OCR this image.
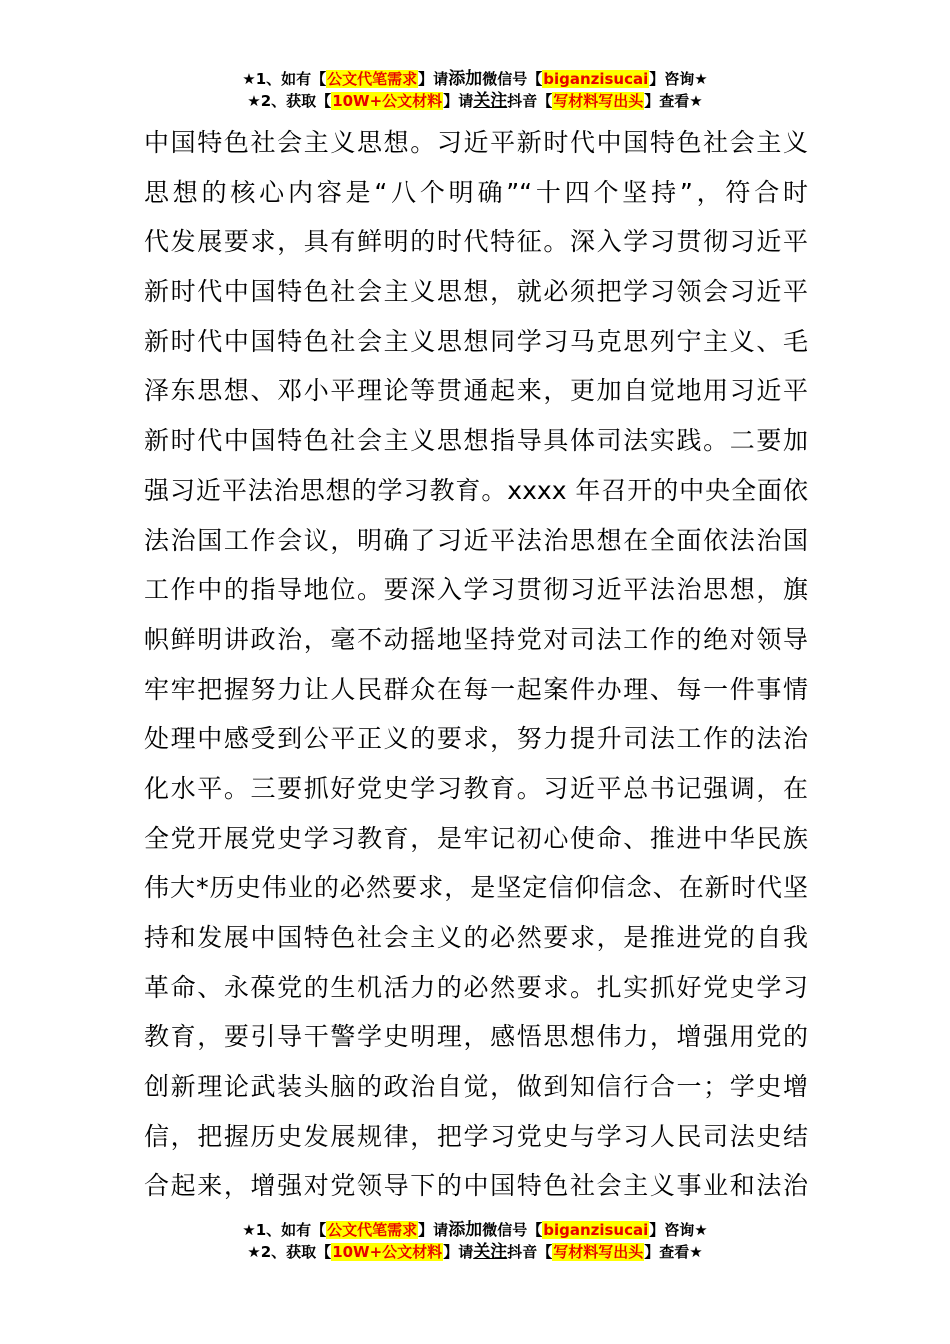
★1、如有【公文代笔需求】请添加微信号【biganzisucai】咨询★
★2、获取【10W+公文材料】请关注抖音【写材料写出头】查看★
中国特色社会主义思想。习近平新时代中国特色社会主义
思想的核心内容是“八个明确”“十四个坚持”，符合时
代发展要求，具有鲜明的时代特征。深入学习贯彻习近平
新时代中国特色社会主义思想，就必须把学习领会习近平
新时代中国特色社会主义思想同学习马克思列宁主义、毛
泽东思想、邓小平理论等贯通起来，更加自觉地用习近平
新时代中国特色社会主义思想指导具体司法实践。二要加
强习近平法治思想的学习教育。xxxx 年召开的中央全面依
法治国工作会议，明确了习近平法治思想在全面依法治国
工作中的指导地位。要深入学习贯彻习近平法治思想，旗
帜鲜明讲政治，毫不动摇地坚持党对司法工作的绝对领导
牢牢把握努力让人民群众在每一起案件办理、每一件事情
处理中感受到公平正义的要求，努力提升司法工作的法治
化水平。三要抓好党史学习教育。习近平总书记强调，在
全党开展党史学习教育，是牢记初心使命、推进中华民族
伟大*历史伟业的必然要求，是坚定信仰信念、在新时代坚
持和发展中国特色社会主义的必然要求，是推进党的自我
革命、永葆党的生机活力的必然要求。扎实抓好党史学习
教育，要引导干警学史明理，感悟思想伟力，增强用党的
创新理论武装头脑的政治自觉，做到知信行合一；学史增
信，把握历史发展规律，把学习党史与学习人民司法史结
合起来，增强对党领导下的中国特色社会主义事业和法治
★1、如有【公文代笔需求】请添加微信号【biganzisucai】咨询★
★2、获取【10W+公文材料】请关注抖音【写材料写出头】查看★
